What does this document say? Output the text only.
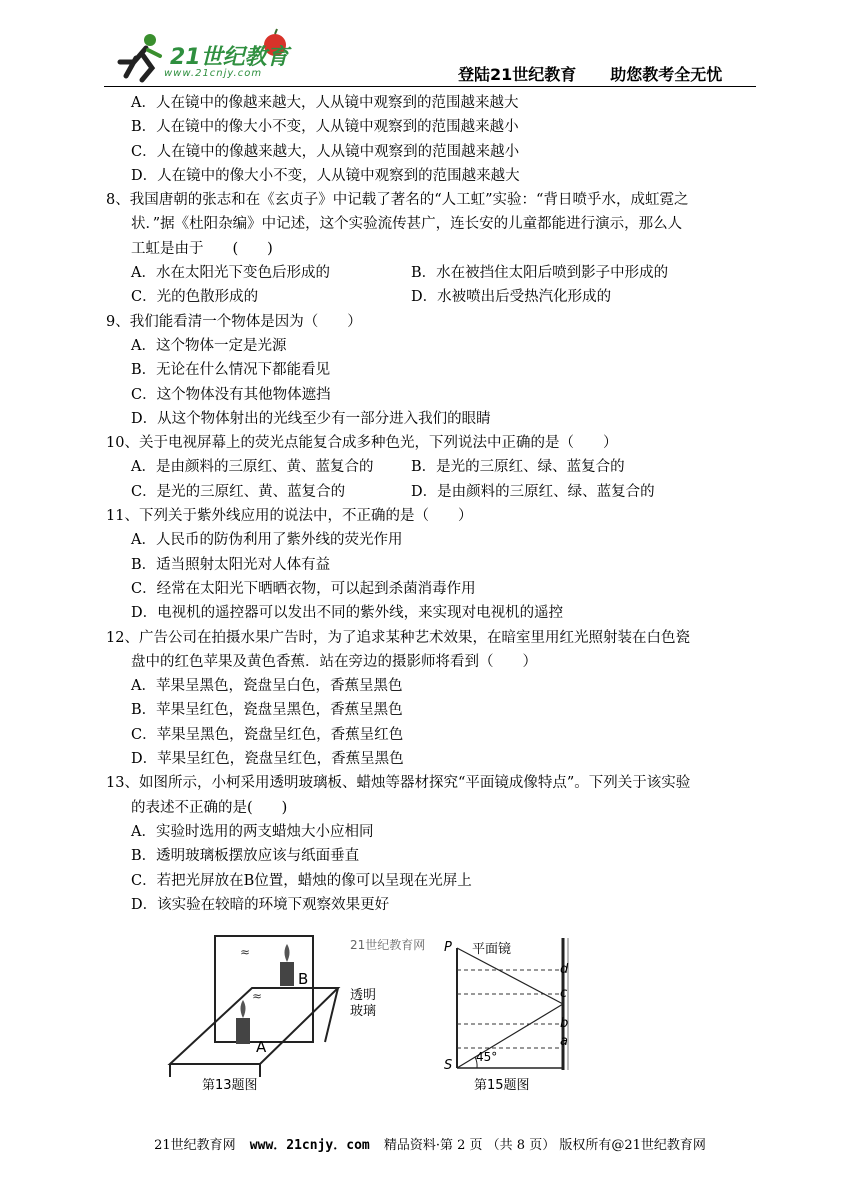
21世纪教育
www.21cnjy.com	登陆21世纪教育 助您教考全无忧
A．人在镜中的像越来越大，人从镜中观察到的范围越来越大
B．人在镜中的像大小不变，人从镜中观察到的范围越来越小
C．人在镜中的像越来越大，人从镜中观察到的范围越来越小
D．人在镜中的像大小不变，人从镜中观察到的范围越来越大
8、我国唐朝的张志和在《玄贞子》中记载了著名的“人工虹”实验：“背日喷乎水，成虹霓之
状．”据《杜阳杂编》中记述，这个实验流传甚广，连长安的儿童都能进行演示，那么人
工虹是由于　　(　　)
A．水在太阳光下变色后形成的	B．水在被挡住太阳后喷到影子中形成的
C．光的色散形成的	D．水被喷出后受热汽化形成的
9、我们能看清一个物体是因为（　　）
A．这个物体一定是光源
B．无论在什么情况下都能看见
C．这个物体没有其他物体遮挡
D．从这个物体射出的光线至少有一部分进入我们的眼睛
10、关于电视屏幕上的荧光点能复合成多种色光，下列说法中正确的是（　　）
A．是由颜料的三原红、黄、蓝复合的	B．是光的三原红、绿、蓝复合的
C．是光的三原红、黄、蓝复合的	D．是由颜料的三原红、绿、蓝复合的
11、下列关于紫外线应用的说法中，不正确的是（　　）
A．人民币的防伪利用了紫外线的荧光作用
B．适当照射太阳光对人体有益
C．经常在太阳光下晒晒衣物，可以起到杀菌消毒作用
D．电视机的遥控器可以发出不同的紫外线，来实现对电视机的遥控
12、广告公司在拍摄水果广告时，为了追求某种艺术效果，在暗室里用红光照射装在白色瓷
盘中的红色苹果及黄色香蕉．站在旁边的摄影师将看到（　　）
A．苹果呈黑色，瓷盘呈白色，香蕉呈黑色
B．苹果呈红色，瓷盘呈黑色，香蕉呈黑色
C．苹果呈黑色，瓷盘呈红色，香蕉呈红色
D．苹果呈红色，瓷盘呈红色，香蕉呈黑色
13、如图所示，小柯采用透明玻璃板、蜡烛等器材探究“平面镜成像特点”。下列关于该实验
的表述不正确的是(　　)
A．实验时选用的两支蜡烛大小应相同
B．透明玻璃板摆放应该与纸面垂直
C．若把光屏放在B位置，蜡烛的像可以呈现在光屏上
D．该实验在较暗的环境下观察效果更好
≈
≈
B
A
透明
玻璃
第13题图
21世纪教育网	平面镜
P
S
45°
d
c
b
a
第15题图
21世纪教育网 www．21cnjy．com 精品资料·第 2 页 （共 8 页） 版权所有@21世纪教育网
